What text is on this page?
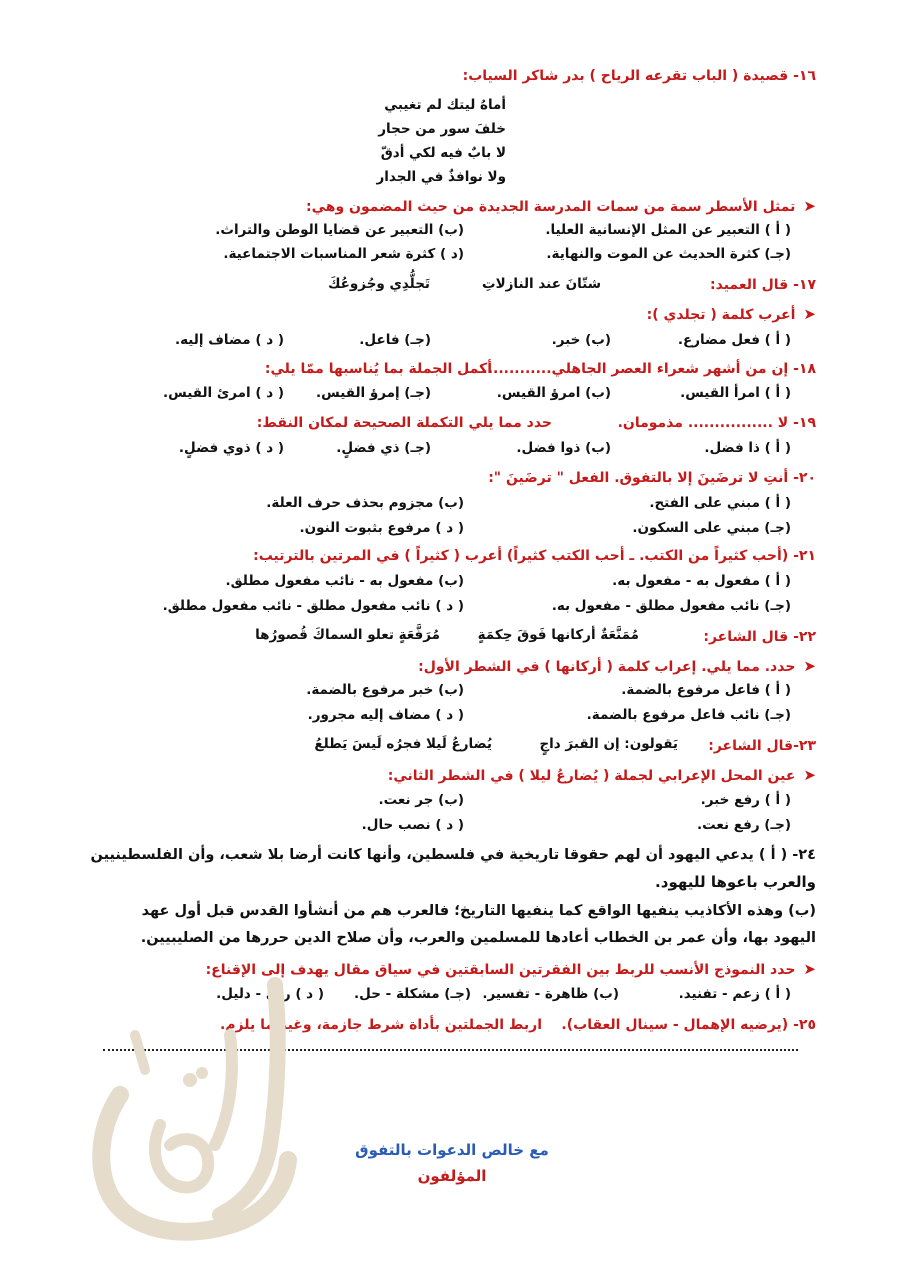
١٦- قصيدة ( الباب تقرعه الرياح ) بدر شاكر السياب:
أماهُ ليتك لم تغيبي
خلفَ سور من حجار
لا بابٌ فيه لكي أدقّ
ولا نوافذٌ في الجدار
➤تمثل الأسطر سمة من سمات المدرسة الجديدة من حيث المضمون وهي:
( أ ) التعبير عن المثل الإنسانية العليا.
(ب) التعبير عن قضايا الوطن والتراث.
(جـ) كثرة الحديث عن الموت والنهاية.
(د ) كثرة شعر المناسبات الاجتماعية.
١٧- قال العميد:
شتّانَ عند النازلاتِ
تَجلُّدِي وجُزوعُكَ
➤أعرب كلمة ( تجلدي ):
( أ ) فعل مضارع.
(ب) خبر.
(جـ) فاعل.
( د ) مضاف إليه.
١٨- إن من أشهر شعراء العصر الجاهلي.............
أكمل الجملة بما يُناسبها ممّا يلي:
( أ ) امرأ القيس.
(ب) امرؤ القيس.
(جـ) إمرؤ القيس.
( د ) امرئ القيس.
١٩- لا ................ مذمومان.
حدد مما يلي التكملة الصحيحة لمكان النقط:
( أ ) ذا فضل.
(ب) ذوا فضل.
(جـ) ذي فضلٍ.
( د ) ذوي فضلٍ.
٢٠- أنتِ لا ترضَينَ إلا بالتفوق. الفعل " ترضَينَ ":
( أ ) مبني على الفتح.
(ب) مجزوم بحذف حرف العلة.
(جـ) مبني على السكون.
( د ) مرفوع بثبوت النون.
٢١- (أحب كثيراً من الكتب. ـ أحب الكتب كثيراً) أعرب ( كثيراً ) في المرتين بالترتيب:
( أ ) مفعول به - مفعول به.
(ب) مفعول به - نائب مفعول مطلق.
(جـ) نائب مفعول مطلق - مفعول به.
( د ) نائب مفعول مطلق - نائب مفعول مطلق.
٢٢- قال الشاعر:
مُمَنَّعَةٌ أركانها فَوقَ حِكمَةٍ
مُرَفَّعَةٍ تعلو السماكَ قُصورُها
➤حدد. مما يلي. إعراب كلمة ( أركانها ) في الشطر الأول:
( أ ) فاعل مرفوع بالضمة.
(ب) خبر مرفوع بالضمة.
(جـ) نائب فاعل مرفوع بالضمة.
( د ) مضاف إليه مجرور.
٢٣-قال الشاعر:
يَقولون: إن القبرَ داجٍ
يُضارعُ لَيلا فجرُه لَيسَ يَطلعُ
➤عين المحل الإعرابي لجملة ( يُضارعُ ليلا ) في الشطر الثاني:
( أ ) رفع خبر.
(ب) جر نعت.
(جـ) رفع نعت.
( د ) نصب حال.
٢٤- ( أ ) يدعي اليهود أن لهم حقوقا تاريخية في فلسطين، وأنها كانت أرضا بلا شعب، وأن الفلسطينيين
والعرب باعوها لليهود.
(ب) وهذه الأكاذيب ينفيها الواقع كما ينفيها التاريخ؛ فالعرب هم من أنشأوا القدس قبل أول عهد
اليهود بها، وأن عمر بن الخطاب أعادها للمسلمين والعرب، وأن صلاح الدين حررها من الصليبيين.
➤حدد النموذج الأنسب للربط بين الفقرتين السابقتين في سياق مقال يهدف إلى الإقناع:
( أ ) زعم - تفنيد.
(ب) ظاهرة - تفسير.
(جـ) مشكلة - حل.
( د ) رأي - دليل.
٢٥- (يرضيه الإهمال - سينال العقاب).
اربط الجملتين بأداة شرط جازمة، وغير ما يلزم.
مع خالص الدعوات بالتفوق
المؤلفون
